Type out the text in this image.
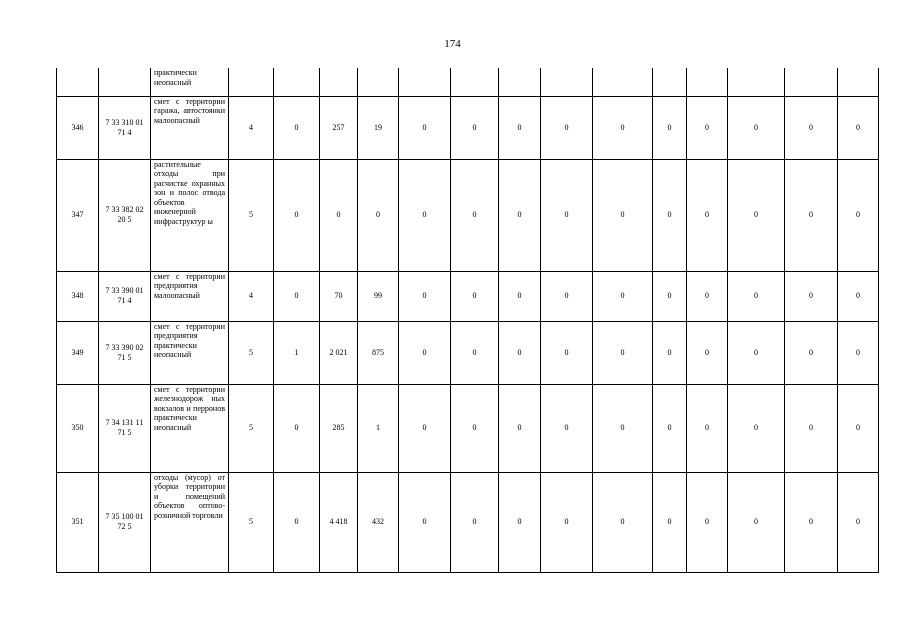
174
		практически неопасный														
346	7 33 310 01 71 4	смет с территории гаража, автостоянки малоопасный	4	0	257	19	0	0	0	0	0	0	0	0	0	0
347	7 33 382 02 20 5	растительные отходы при расчистке охранных зон и полос отвода объектов инженерной инфраструктур ы	5	0	0	0	0	0	0	0	0	0	0	0	0	0
348	7 33 390 01 71 4	смет с территории предприятия малоопасный	4	0	70	99	0	0	0	0	0	0	0	0	0	0
349	7 33 390 02 71 5	смет с территории предприятия практически неопасный	5	1	2 021	875	0	0	0	0	0	0	0	0	0	0
350	7 34 131 11 71 5	смет с территории железнодорож ных вокзалов и перронов практически неопасный	5	0	285	1	0	0	0	0	0	0	0	0	0	0
351	7 35 100 01 72 5	отходы (мусор) от уборки территории и помещений объектов оптово-розничной торговли	5	0	4 418	432	0	0	0	0	0	0	0	0	0	0
